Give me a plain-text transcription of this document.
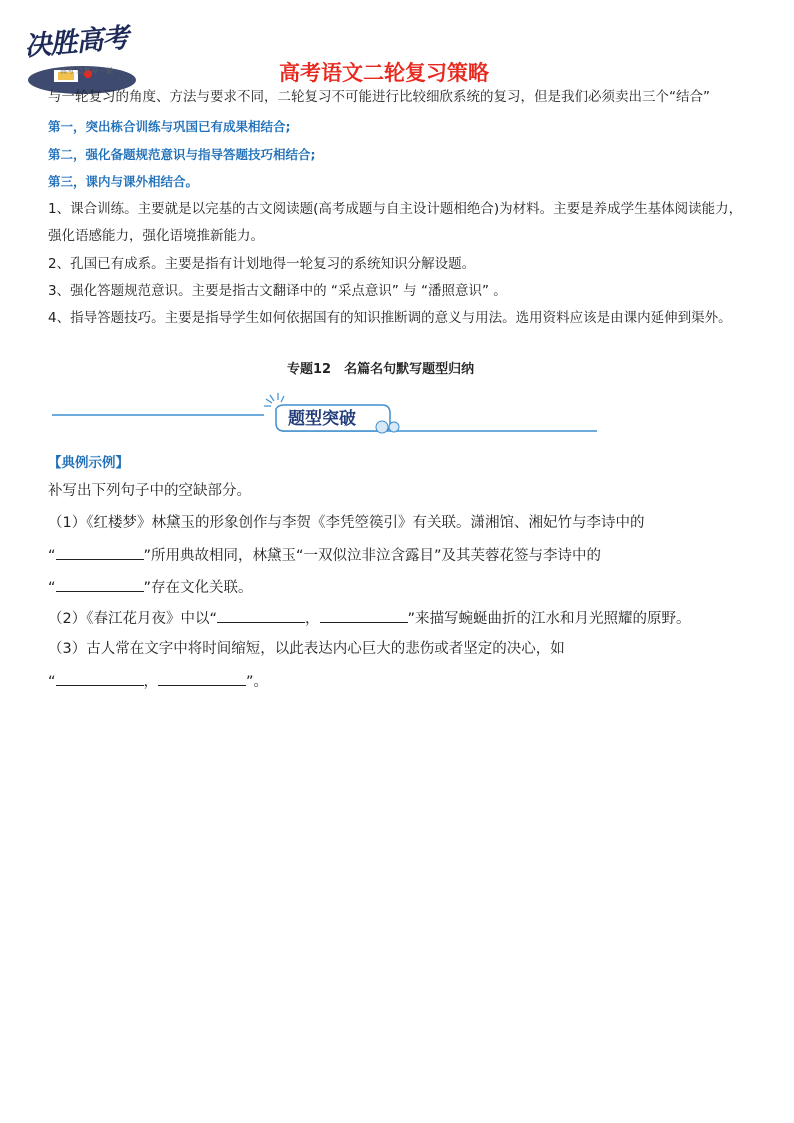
决胜高考
高考 总复习 一轮	高考语文二轮复习策略
与一轮复习的角度、方法与要求不同，二轮复习不可能进行比较细欣系统的复习，但是我们必须卖出三个“结合”
第一，突出栋合训练与巩国已有成果相结合;
第二，强化备题规范意识与指导答题技巧相结合;
第三，课内与课外相结合。
1、课合训练。主要就是以完基的古文阅读题(高考成题与自主设计题相绝合)为材料。主要是养成学生基体阅读能力，
强化语感能力，强化语境推新能力。
2、孔国已有成系。主要是指有计划地得一轮复习的系统知识分解设题。
3、强化答题规范意识。主要是指古文翻译中的 “采点意识” 与 “潘照意识” 。
4、指导答题技巧。主要是指导学生如何依据国有的知识推断调的意义与用法。选用资料应该是由课内延伸到渠外。
专题12　名篇名句默写题型归纳
题型突破
【典例示例】
补写出下列句子中的空缺部分。
（1）《红楼梦》林黛玉的形象创作与李贺《李凭箜篌引》有关联。潇湘馆、湘妃竹与李诗中的
“	”所用典故相同，林黛玉“一双似泣非泣含露目”及其芙蓉花签与李诗中的
“	”存在文化关联。
（2）《春江花月夜》中以“	，	”来描写蜿蜒曲折的江水和月光照耀的原野。
（3）古人常在文字中将时间缩短，以此表达内心巨大的悲伤或者坚定的决心，如
“	，	”。
